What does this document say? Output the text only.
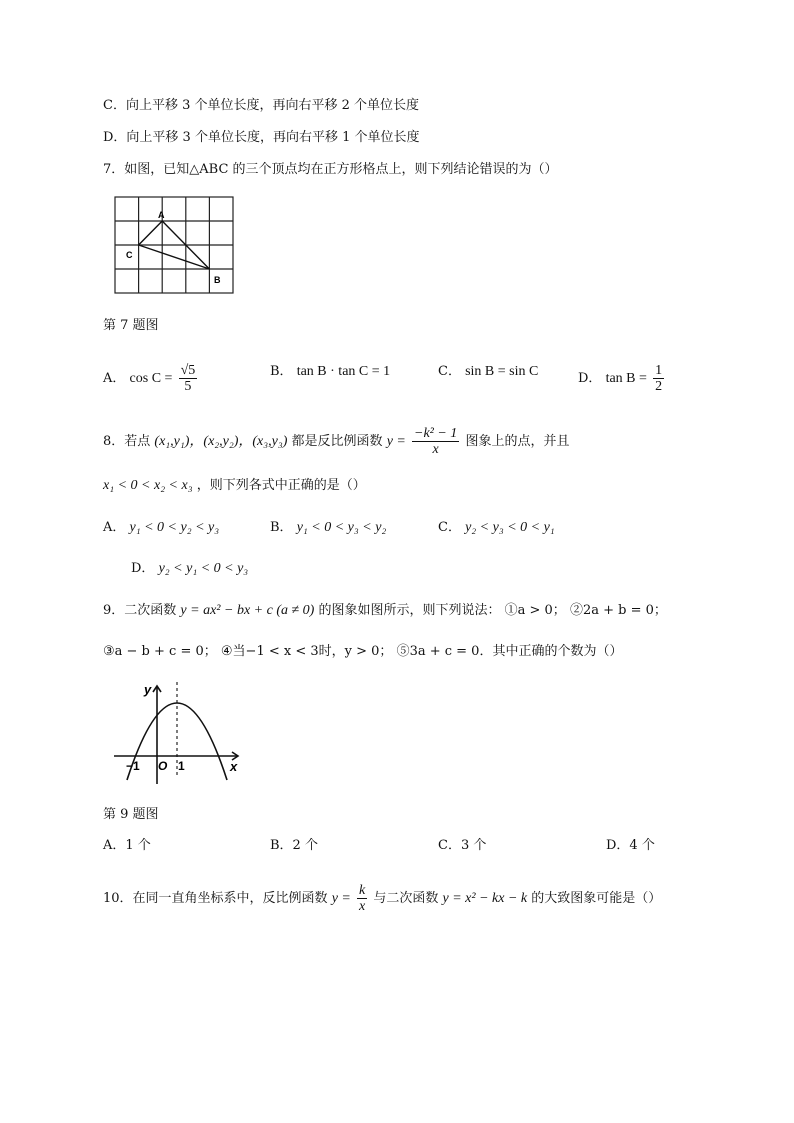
C．向上平移 3 个单位长度，再向右平移 2 个单位长度
D．向上平移 3 个单位长度，再向右平移 1 个单位长度
7．如图，已知△ABC 的三个顶点均在正方形格点上，则下列结论错误的为（）
A
C
B
第 7 题图
A． $\cos C = \frac{√5}{5}$	B． tan B · tan C = 1	C． sin B = sin C	D． $\tan B = \frac{1}{2}$
8．若点 (x₁,y₁)，(x₂,y₂)，(x₃,y₃) 都是反比例函数 $y = \frac{\text{−k² − 1}}{x}$ 图象上的点，并且
x₁ < 0 < x₂ < x₃ ，则下列各式中正确的是（）
A． y₁ < 0 < y₂ < y₃	B． y₁ < 0 < y₃ < y₂	C． y₂ < y₃ < 0 < y₁
D． y₂ < y₁ < 0 < y₃
9．二次函数 y = ax² − bx + c (a ≠ 0) 的图象如图所示，则下列说法： ①a > 0； ②2a + b = 0；
③a − b + c = 0； ④当−1 < x < 3时，y > 0； ⑤3a + c = 0．其中正确的个数为（）
y
x
−1 O 1
第 9 题图
A．1 个	B．2 个	C．3 个	D．4 个
10．在同一直角坐标系中，反比例函数 $y = \frac{k}{x}$ 与二次函数 y = x² − kx − k 的大致图象可能是（）
